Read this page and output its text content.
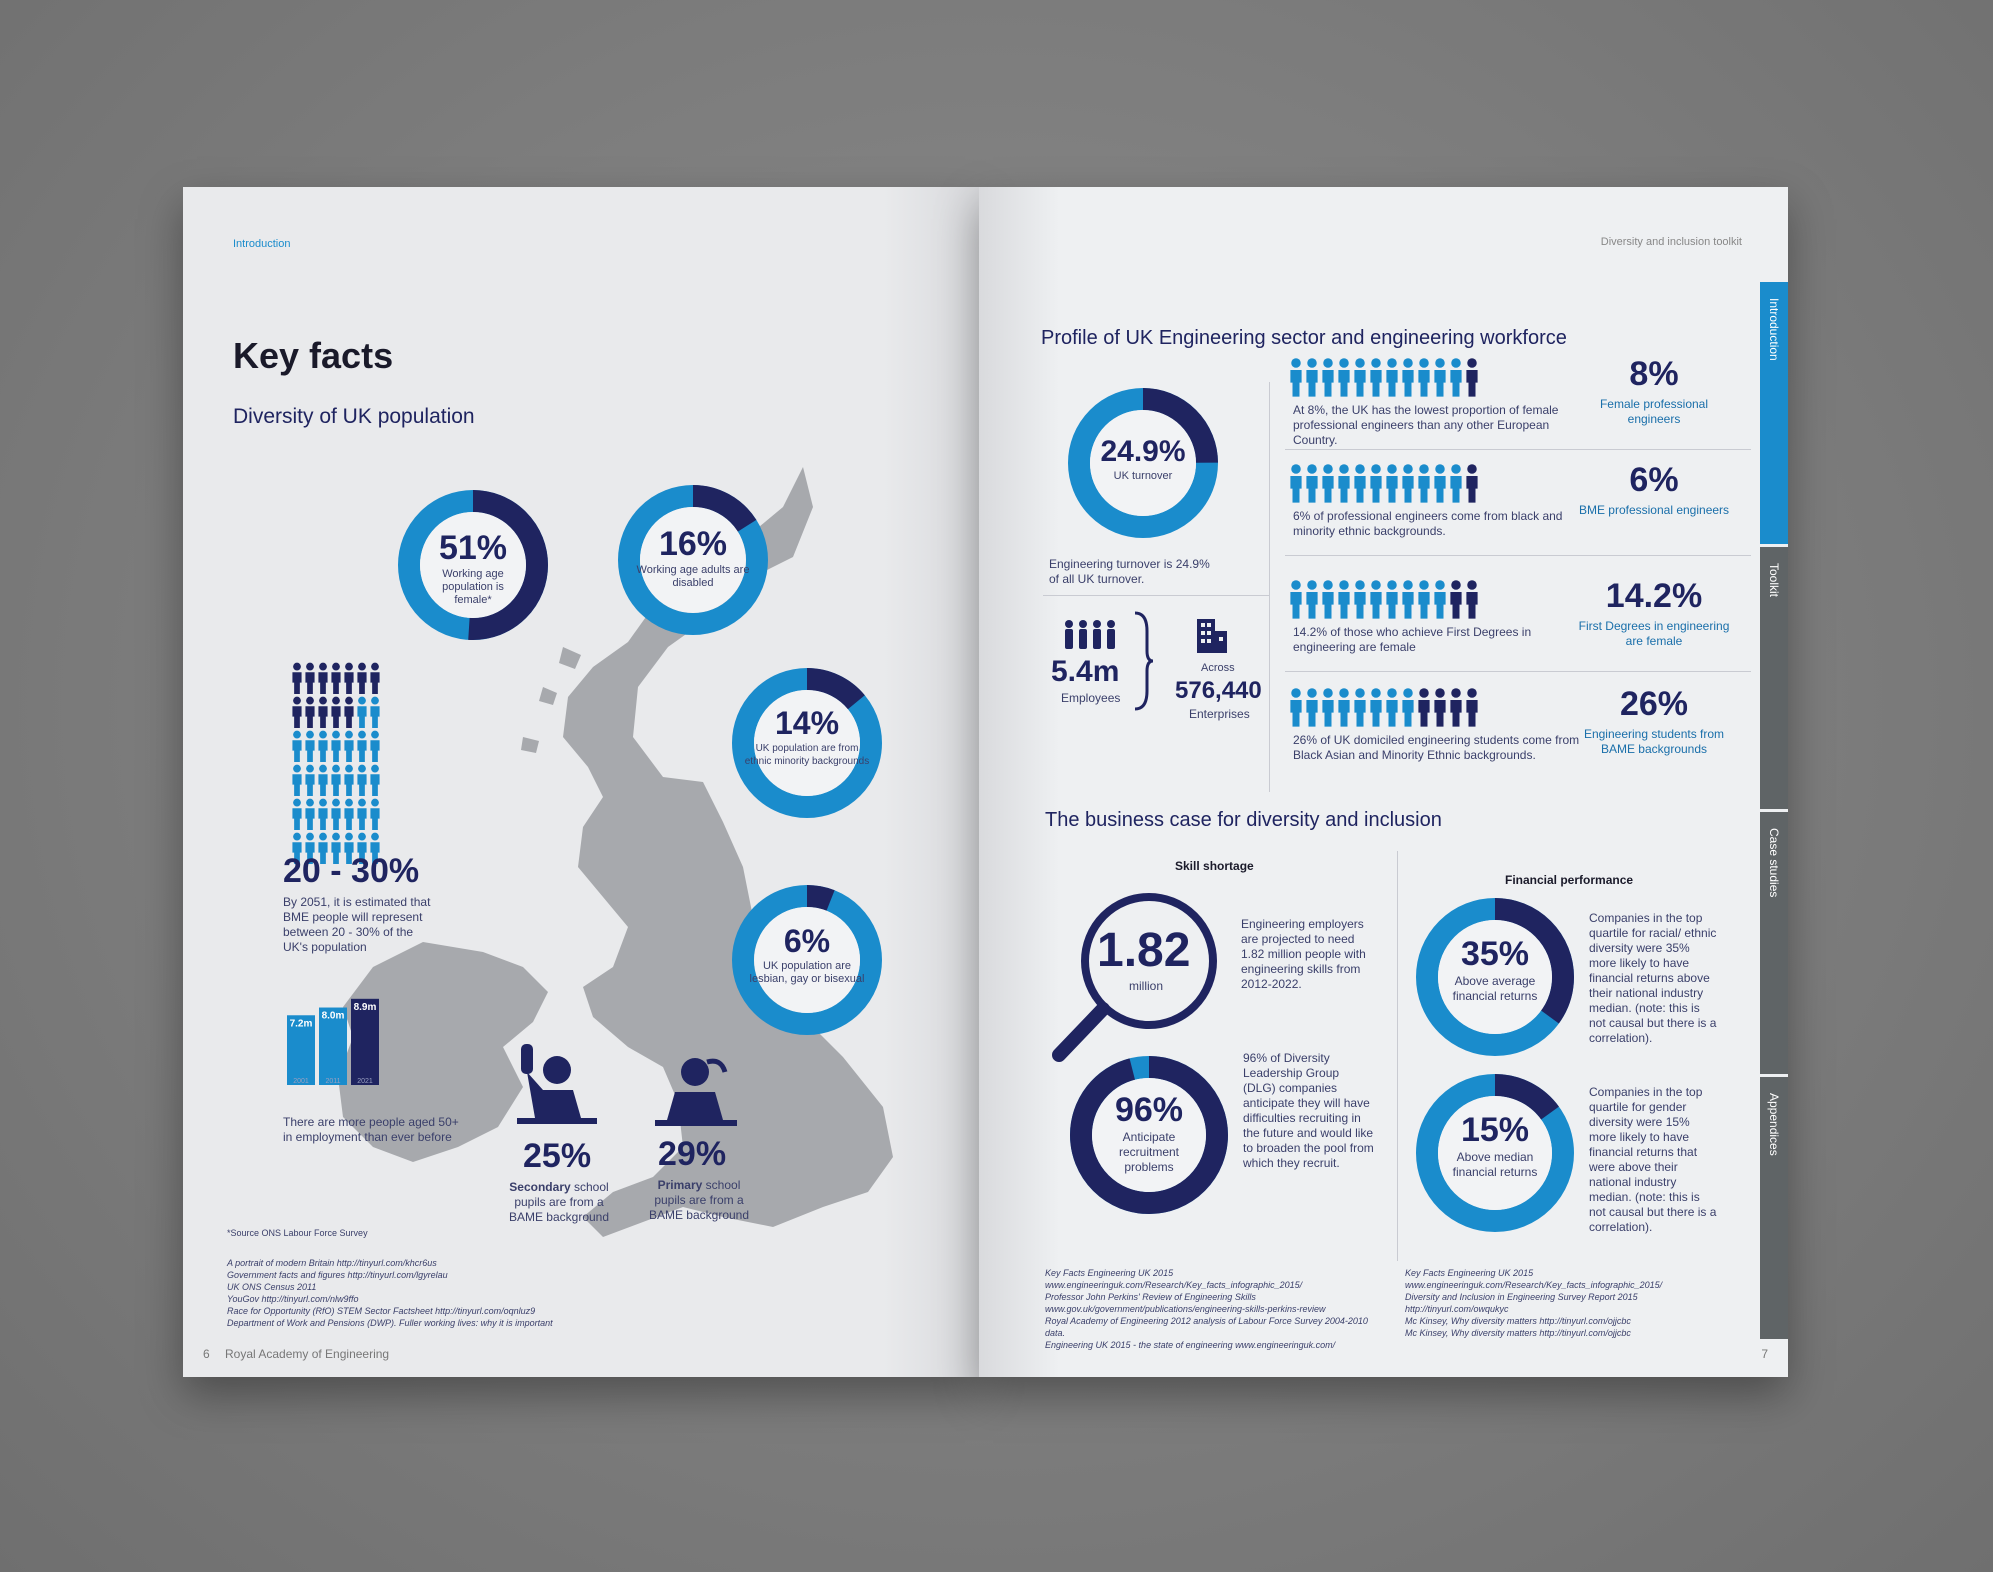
Introduction
Key facts
Diversity of UK population
51%
Working age population is female*
16%
Working age adults are disabled
14%
UK population are from ethnic minority backgrounds
6%
UK population are lesbian, gay or bisexual
20 - 30%
By 2051, it is estimated that BME people will represent between 20 - 30% of the UK's population
7.2m
2001
8.0m
2011
8.9m
2021
There are more people aged 50+ in employment than ever before	25%
Secondary school pupils are from a BAME background
29%
Primary school pupils are from a BAME background
*Source ONS Labour Force Survey
A portrait of modern Britain http://tinyurl.com/khcr6us
Government facts and figures http://tinyurl.com/lgyrelau
UK ONS Census 2011
YouGov http://tinyurl.com/nlw9ffo
Race for Opportunity (RfO) STEM Sector Factsheet http://tinyurl.com/oqnluz9
Department of Work and Pensions (DWP). Fuller working lives: why it is important
6 Royal Academy of Engineering
Diversity and inclusion toolkit
Introduction
Toolkit
Case studies
Appendices
Profile of UK Engineering sector and engineering workforce
24.9%
UK turnover
Engineering turnover is 24.9% of all UK turnover.
5.4m
Employees
Across
576,440
Enterprises
At 8%, the UK has the lowest proportion of female professional engineers than any other European Country.
8%
Female professional engineers
6% of professional engineers come from black and minority ethnic backgrounds.
6%
BME professional engineers
14.2% of those who achieve First Degrees in engineering are female
14.2%
First Degrees in engineering are female
26% of UK domiciled engineering students come from Black Asian and Minority Ethnic backgrounds.
26%
Engineering students from BAME backgrounds
The business case for diversity and inclusion
Skill shortage
Financial performance
1.82
million
Engineering employers are projected to need 1.82 million people with engineering skills from 2012-2022.
96%
Anticipate recruitment problems
96% of Diversity Leadership Group (DLG) companies anticipate they will have difficulties recruiting in the future and would like to broaden the pool from which they recruit.
35%
Above average financial returns
Companies in the top quartile for racial/ ethnic diversity were 35% more likely to have financial returns above their national industry median. (note: this is not causal but there is a correlation).
15%
Above median financial returns
Companies in the top quartile for gender diversity were 15% more likely to have financial returns that were above their national industry median. (note: this is not causal but there is a correlation).
Key Facts Engineering UK 2015 www.engineeringuk.com/Research/Key_facts_infographic_2015/
Professor John Perkins' Review of Engineering Skills www.gov.uk/government/publications/engineering-skills-perkins-review
Royal Academy of Engineering 2012 analysis of Labour Force Survey 2004-2010 data.
Engineering UK 2015 - the state of engineering www.engineeringuk.com/
Key Facts Engineering UK 2015 www.engineeringuk.com/Research/Key_facts_infographic_2015/
Diversity and Inclusion in Engineering Survey Report 2015 http://tinyurl.com/owqukyc
Mc Kinsey, Why diversity matters http://tinyurl.com/ojjcbc
Mc Kinsey, Why diversity matters http://tinyurl.com/ojjcbc
7
